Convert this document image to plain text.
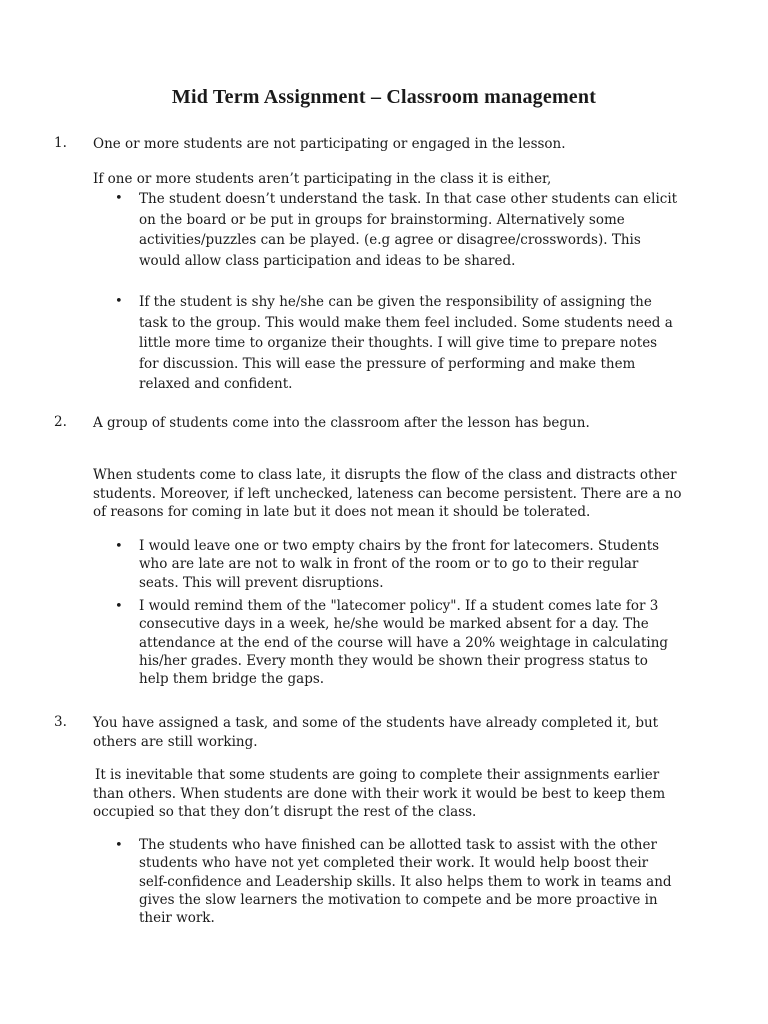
Mid Term Assignment – Classroom management
1. One or more students are not participating or engaged in the lesson.
If one or more students aren’t participating in the class it is either,
• The student doesn’t understand the task. In that case other students can elicit on the board or be put in groups for brainstorming. Alternatively some activities/puzzles can be played. (e.g agree or disagree/crosswords). This would allow class participation and ideas to be shared.
• If the student is shy he/she can be given the responsibility of assigning the task to the group. This would make them feel included. Some students need a little more time to organize their thoughts. I will give time to prepare notes for discussion. This will ease the pressure of performing and make them relaxed and confident.
2. A group of students come into the classroom after the lesson has begun.
When students come to class late, it disrupts the flow of the class and distracts other students. Moreover, if left unchecked, lateness can become persistent. There are a no of reasons for coming in late but it does not mean it should be tolerated.
• I would leave one or two empty chairs by the front for latecomers. Students who are late are not to walk in front of the room or to go to their regular seats. This will prevent disruptions.
• I would remind them of the "latecomer policy". If a student comes late for 3 consecutive days in a week, he/she would be marked absent for a day. The attendance at the end of the course will have a 20% weightage in calculating his/her grades. Every month they would be shown their progress status to help them bridge the gaps.
3. You have assigned a task, and some of the students have already completed it, but others are still working.
It is inevitable that some students are going to complete their assignments earlier than others. When students are done with their work it would be best to keep them occupied so that they don’t disrupt the rest of the class.
• The students who have finished can be allotted task to assist with the other students who have not yet completed their work. It would help boost their self-confidence and Leadership skills. It also helps them to work in teams and gives the slow learners the motivation to compete and be more proactive in their work.
